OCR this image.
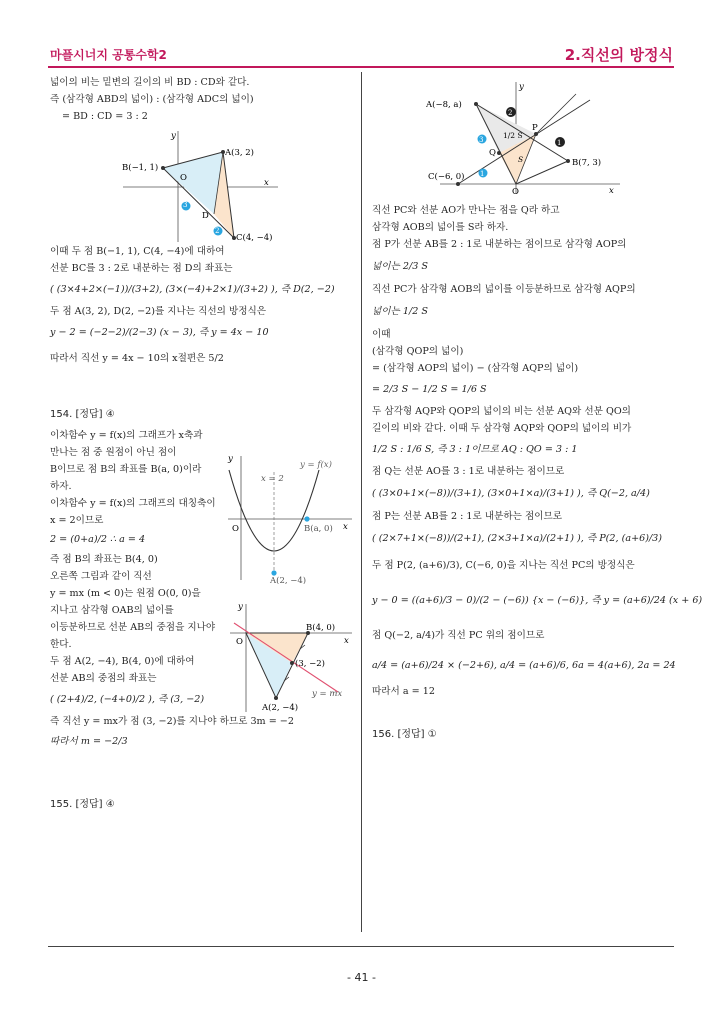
마플시너지 공통수학2	2.직선의 방정식
넓이의 비는 밑변의 길이의 비 BD : CD와 같다.
즉 (삼각형 ABD의 넓이) : (삼각형 ADC의 넓이)
= BD : CD = 3 : 2
이때 두 점 B(−1, 1), C(4, −4)에 대하여
선분 BC를 3 : 2로 내분하는 점 D의 좌표는
( (3×4+2×(−1))/(3+2), (3×(−4)+2×1)/(3+2) ), 즉 D(2, −2)
두 점 A(3, 2), D(2, −2)를 지나는 직선의 방정식은
y − 2 = (−2−2)/(2−3) (x − 3), 즉 y = 4x − 10
따라서 직선 y = 4x − 10의 x절편은 5/2
154. [정답] ④
이차함수 y = f(x)의 그래프가 x축과
만나는 점 중 원점이 아닌 점이
B이므로 점 B의 좌표를 B(a, 0)이라
하자.
이차함수 y = f(x)의 그래프의 대칭축이
x = 2이므로
2 = (0+a)/2 ∴ a = 4
즉 점 B의 좌표는 B(4, 0)
오른쪽 그림과 같이 직선
y = mx (m < 0)는 원점 O(0, 0)을
지나고 삼각형 OAB의 넓이를
이등분하므로 선분 AB의 중점을 지나야
한다.
두 점 A(2, −4), B(4, 0)에 대하여
선분 AB의 중점의 좌표는
( (2+4)/2, (−4+0)/2 ), 즉 (3, −2)
즉 직선 y = mx가 점 (3, −2)를 지나야 하므로 3m = −2
따라서 m = −2/3
155. [정답] ④
3
2
A(3, 2)
B(−1, 1)
C(4, −4)
D
O	x
y
y
y = f(x)
x = 2
O	B(a, 0)
A(2, −4)
x
y
B(4, 0)
O
(3, −2)
y = mx
A(2, −4)
x
2
1
3
1
A(−8, a)
B(7, 3)
C(−6, 0)
P
Q
O
1/2 S
S
x
y
직선 PC와 선분 AO가 만나는 점을 Q라 하고
삼각형 AOB의 넓이를 S라 하자.
점 P가 선분 AB를 2 : 1로 내분하는 점이므로 삼각형 AOP의
넓이는 2/3 S
직선 PC가 삼각형 AOB의 넓이를 이등분하므로 삼각형 AQP의
넓이는 1/2 S
이때
(삼각형 QOP의 넓이)
= (삼각형 AOP의 넓이) − (삼각형 AQP의 넓이)
= 2/3 S − 1/2 S = 1/6 S
두 삼각형 AQP와 QOP의 넓이의 비는 선분 AQ와 선분 QO의
길이의 비와 같다. 이때 두 삼각형 AQP와 QOP의 넓이의 비가
1/2 S : 1/6 S, 즉 3 : 1이므로 AQ : QO = 3 : 1
점 Q는 선분 AO를 3 : 1로 내분하는 점이므로
( (3×0+1×(−8))/(3+1), (3×0+1×a)/(3+1) ), 즉 Q(−2, a/4)
점 P는 선분 AB를 2 : 1로 내분하는 점이므로
( (2×7+1×(−8))/(2+1), (2×3+1×a)/(2+1) ), 즉 P(2, (a+6)/3)
두 점 P(2, (a+6)/3), C(−6, 0)을 지나는 직선 PC의 방정식은
y − 0 = ((a+6)/3 − 0)/(2 − (−6)) {x − (−6)}, 즉 y = (a+6)/24 (x + 6)
점 Q(−2, a/4)가 직선 PC 위의 점이므로
a/4 = (a+6)/24 × (−2+6), a/4 = (a+6)/6, 6a = 4(a+6), 2a = 24
따라서 a = 12
156. [정답] ①
- 41 -
